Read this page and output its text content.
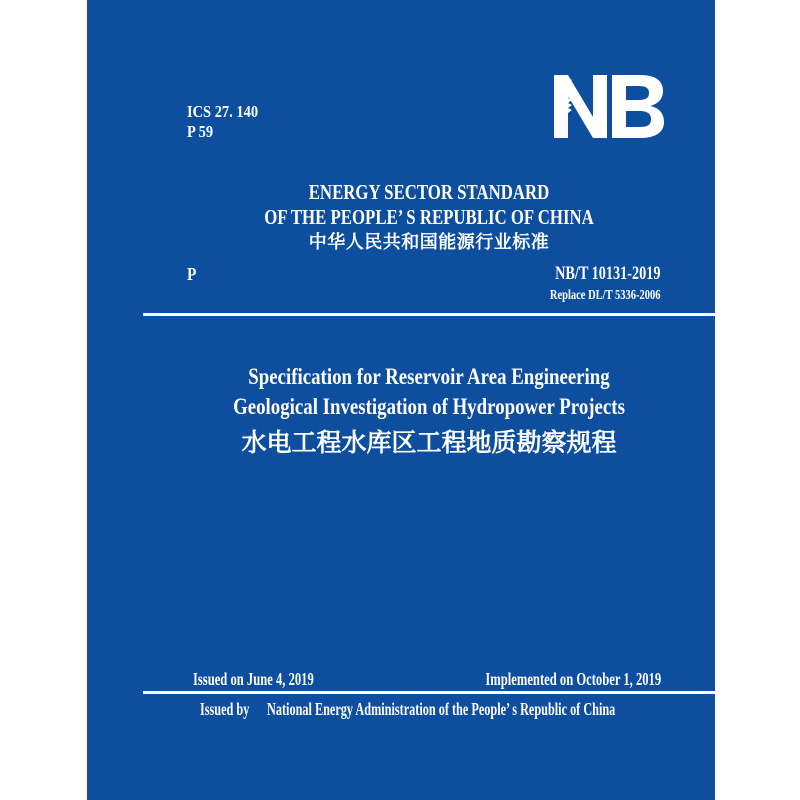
ICS 27. 140
P 59
ENERGY SECTOR STANDARD
OF THE PEOPLE’ S REPUBLIC OF CHINA
中华人民共和国能源行业标准
P	NB/T 10131-2019
Replace DL/T 5336-2006
Specification for Reservoir Area Engineering
Geological Investigation of Hydropower Projects
水电工程水库区工程地质勘察规程
Issued on June 4, 2019	Implemented on October 1, 2019
Issued by National Energy Administration of the People’ s Republic of China
